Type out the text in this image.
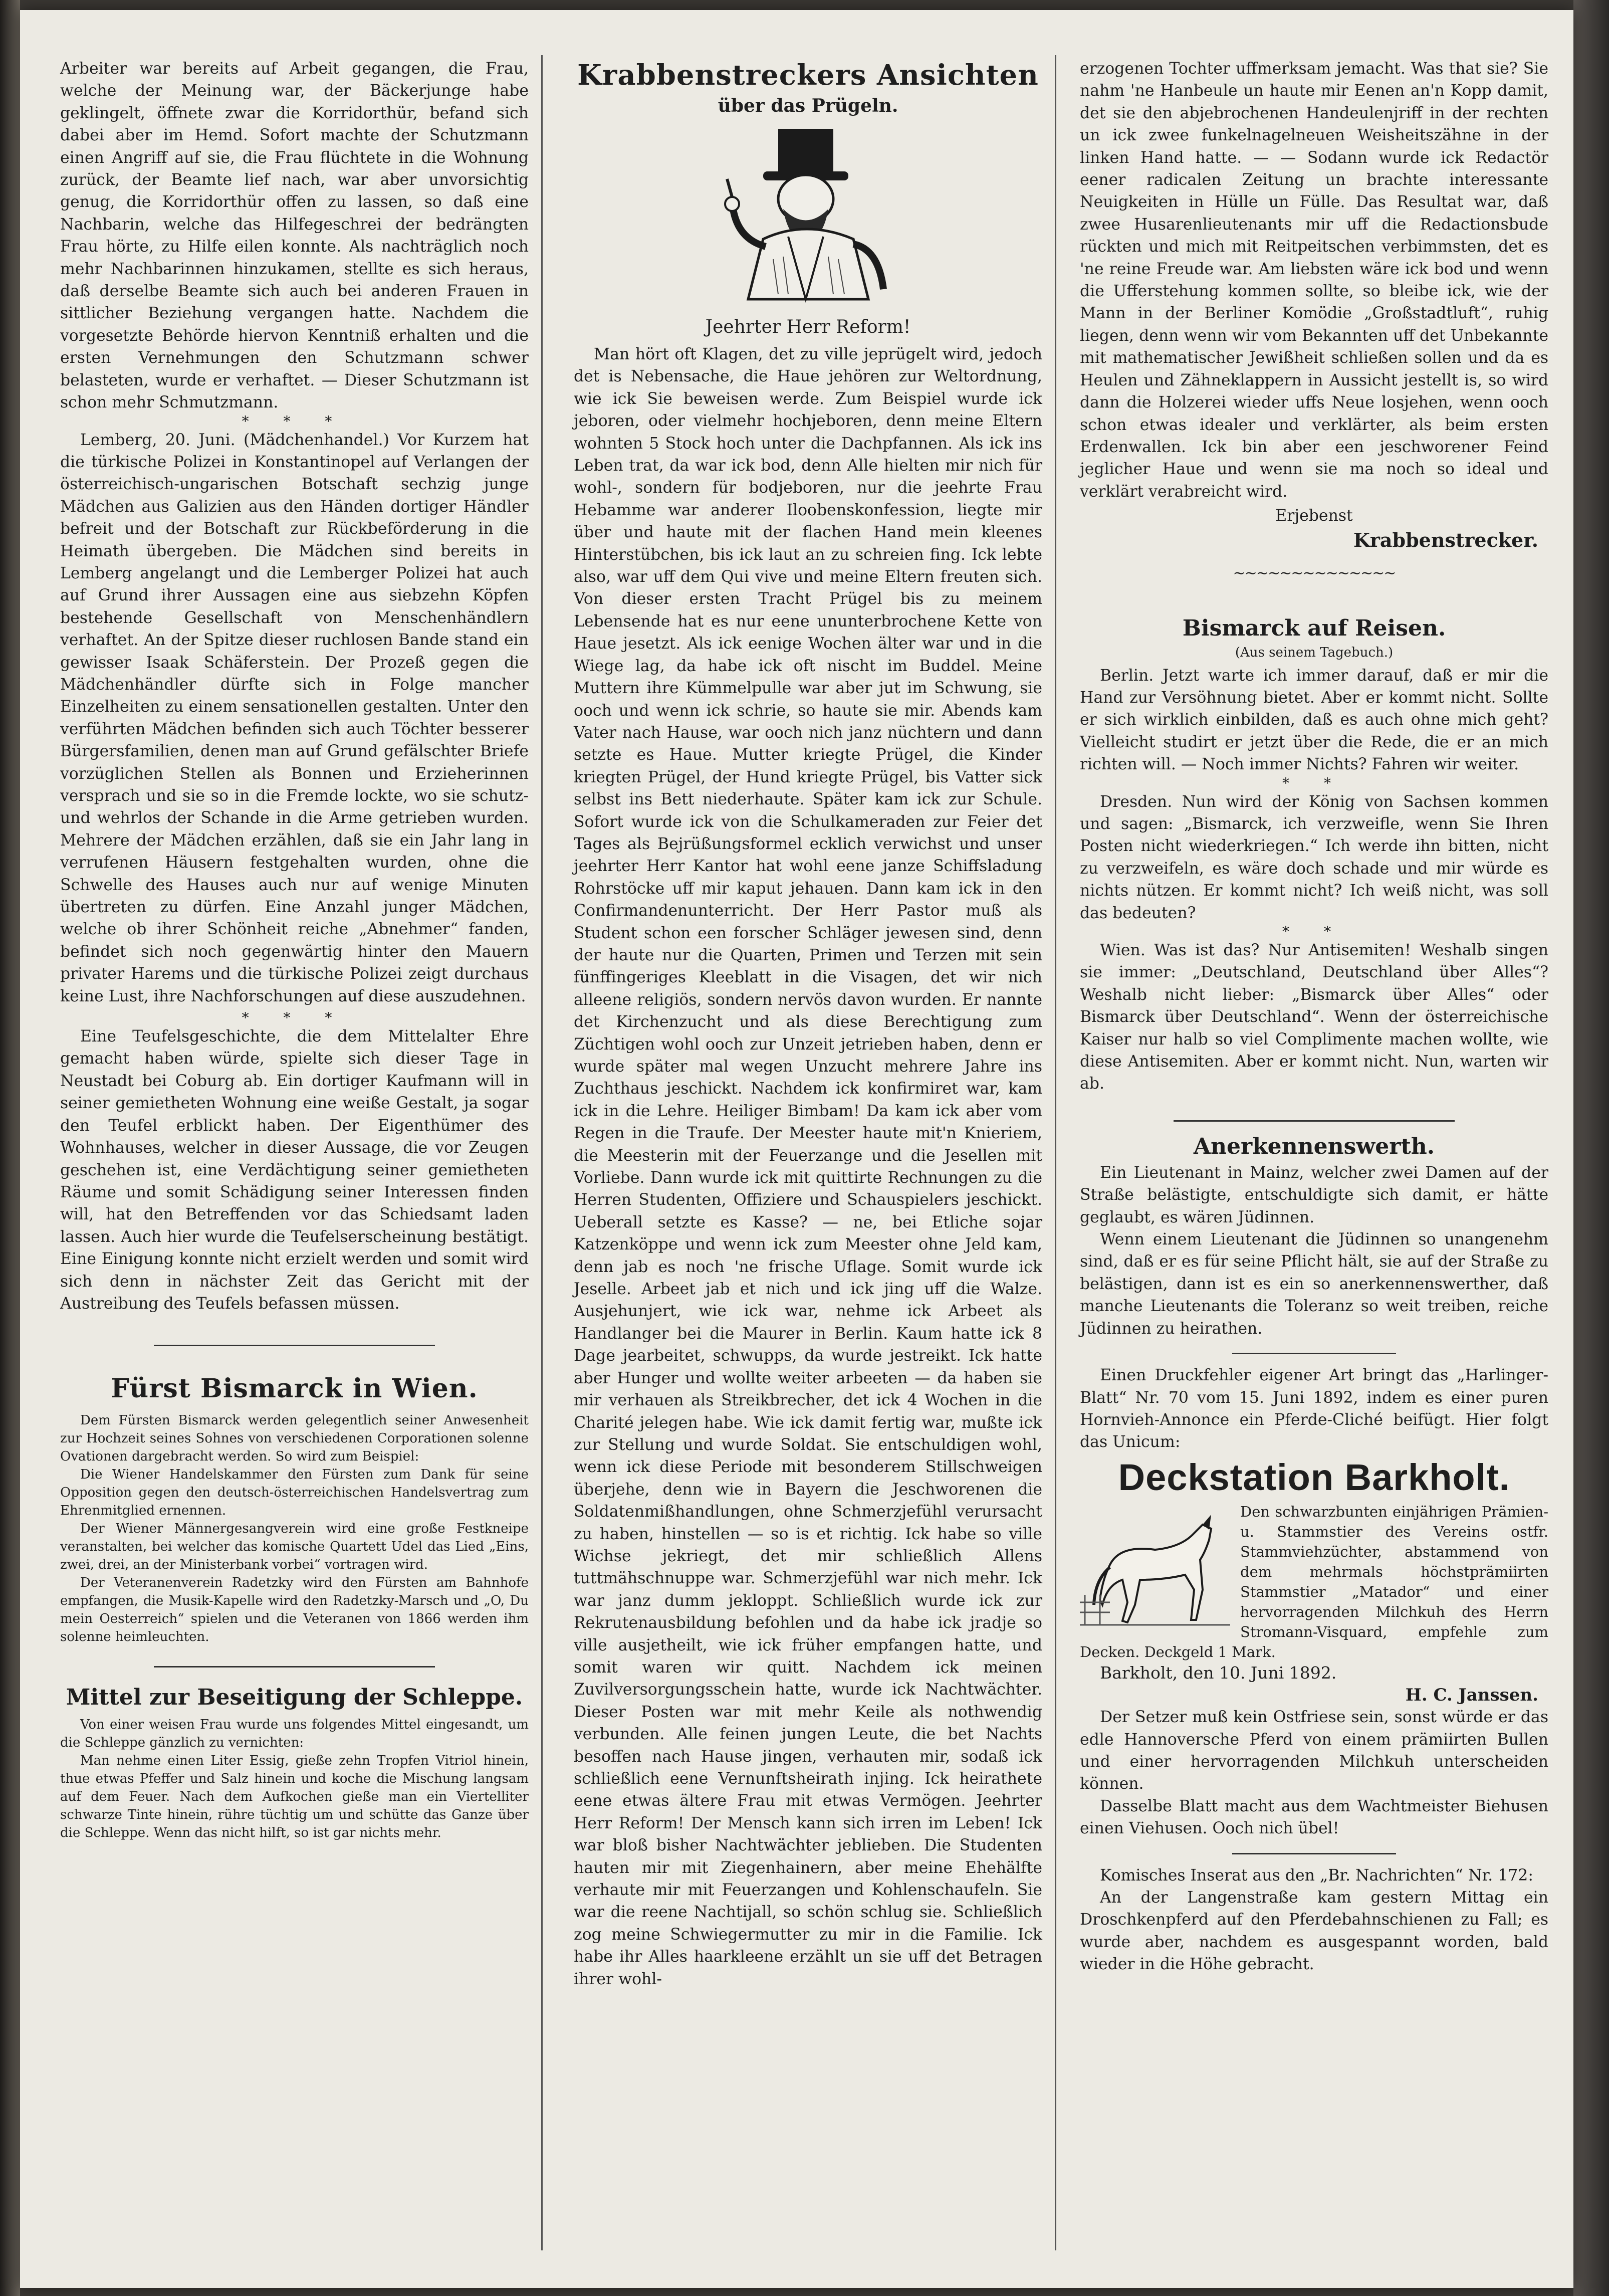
Arbeiter war bereits auf Arbeit gegangen, die Frau, welche der Meinung war, der Bäckerjunge habe geklingelt, öffnete zwar die Korridorthür, befand sich dabei aber im Hemd. Sofort machte der Schutzmann einen Angriff auf sie, die Frau flüchtete in die Wohnung zurück, der Beamte lief nach, war aber unvorsichtig genug, die Korridorthür offen zu lassen, so daß eine Nachbarin, welche das Hilfegeschrei der bedrängten Frau hörte, zu Hilfe eilen konnte. Als nachträglich noch mehr Nachbarinnen hinzukamen, stellte es sich heraus, daß derselbe Beamte sich auch bei anderen Frauen in sittlicher Beziehung vergangen hatte. Nachdem die vorgesetzte Behörde hiervon Kenntniß erhalten und die ersten Vernehmungen den Schutzmann schwer belasteten, wurde er verhaftet. — Dieser Schutzmann ist schon mehr Schmutzmann.

* * *

Lemberg, 20. Juni. (Mädchenhandel.) Vor Kurzem hat die türkische Polizei in Konstantinopel auf Verlangen der österreichisch-ungarischen Botschaft sechzig junge Mädchen aus Galizien aus den Händen dortiger Händler befreit und der Botschaft zur Rückbeförderung in die Heimath übergeben. Die Mädchen sind bereits in Lemberg angelangt und die Lemberger Polizei hat auch auf Grund ihrer Aussagen eine aus siebzehn Köpfen bestehende Gesellschaft von Menschenhändlern verhaftet. An der Spitze dieser ruchlosen Bande stand ein gewisser Isaak Schäferstein. Der Prozeß gegen die Mädchenhändler dürfte sich in Folge mancher Einzelheiten zu einem sensationellen gestalten. Unter den verführten Mädchen befinden sich auch Töchter besserer Bürgersfamilien, denen man auf Grund gefälschter Briefe vorzüglichen Stellen als Bonnen und Erzieherinnen versprach und sie so in die Fremde lockte, wo sie schutz- und wehrlos der Schande in die Arme getrieben wurden. Mehrere der Mädchen erzählen, daß sie ein Jahr lang in verrufenen Häusern festgehalten wurden, ohne die Schwelle des Hauses auch nur auf wenige Minuten übertreten zu dürfen. Eine Anzahl junger Mädchen, welche ob ihrer Schönheit reiche „Abnehmer“ fanden, befindet sich noch gegenwärtig hinter den Mauern privater Harems und die türkische Polizei zeigt durchaus keine Lust, ihre Nachforschungen auf diese auszudehnen.

* * *

Eine Teufelsgeschichte, die dem Mittelalter Ehre gemacht haben würde, spielte sich dieser Tage in Neustadt bei Coburg ab. Ein dortiger Kaufmann will in seiner gemietheten Wohnung eine weiße Gestalt, ja sogar den Teufel erblickt haben. Der Eigenthümer des Wohnhauses, welcher in dieser Aussage, die vor Zeugen geschehen ist, eine Verdächtigung seiner gemietheten Räume und somit Schädigung seiner Interessen finden will, hat den Betreffenden vor das Schiedsamt laden lassen. Auch hier wurde die Teufelserscheinung bestätigt. Eine Einigung konnte nicht erzielt werden und somit wird sich denn in nächster Zeit das Gericht mit der Austreibung des Teufels befassen müssen.

Fürst Bismarck in Wien.

Dem Fürsten Bismarck werden gelegentlich seiner Anwesenheit zur Hochzeit seines Sohnes von verschiedenen Corporationen solenne Ovationen dargebracht werden. So wird zum Beispiel:

Die Wiener Handelskammer den Fürsten zum Dank für seine Opposition gegen den deutsch-österreichischen Handelsvertrag zum Ehrenmitglied ernennen.

Der Wiener Männergesangverein wird eine große Festkneipe veranstalten, bei welcher das komische Quartett Udel das Lied „Eins, zwei, drei, an der Ministerbank vorbei“ vortragen wird.

Der Veteranenverein Radetzky wird den Fürsten am Bahnhofe empfangen, die Musik-Kapelle wird den Radetzky-Marsch und „O, Du mein Oesterreich“ spielen und die Veteranen von 1866 werden ihm solenne heimleuchten.

Mittel zur Beseitigung der Schleppe.

Von einer weisen Frau wurde uns folgendes Mittel eingesandt, um die Schleppe gänzlich zu vernichten:

Man nehme einen Liter Essig, gieße zehn Tropfen Vitriol hinein, thue etwas Pfeffer und Salz hinein und koche die Mischung langsam auf dem Feuer. Nach dem Aufkochen gieße man ein Viertelliter schwarze Tinte hinein, rühre tüchtig um und schütte das Ganze über die Schleppe. Wenn das nicht hilft, so ist gar nichts mehr.

Krabbenstreckers Ansichten

über das Prügeln.

Jeehrter Herr Reform!

Man hört oft Klagen, det zu ville jeprügelt wird, jedoch det is Nebensache, die Haue jehören zur Weltordnung, wie ick Sie beweisen werde. Zum Beispiel wurde ick jeboren, oder vielmehr hochjeboren, denn meine Eltern wohnten 5 Stock hoch unter die Dachpfannen. Als ick ins Leben trat, da war ick bod, denn Alle hielten mir nich für wohl-, sondern für bodjeboren, nur die jeehrte Frau Hebamme war anderer Iloobenskonfession, liegte mir über und haute mit der flachen Hand mein kleenes Hinterstübchen, bis ick laut an zu schreien fing. Ick lebte also, war uff dem Qui vive und meine Eltern freuten sich. Von dieser ersten Tracht Prügel bis zu meinem Lebensende hat es nur eene ununterbrochene Kette von Haue jesetzt. Als ick eenige Wochen älter war und in die Wiege lag, da habe ick oft nischt im Buddel. Meine Muttern ihre Kümmelpulle war aber jut im Schwung, sie ooch und wenn ick schrie, so haute sie mir. Abends kam Vater nach Hause, war ooch nich janz nüchtern und dann setzte es Haue. Mutter kriegte Prügel, die Kinder kriegten Prügel, der Hund kriegte Prügel, bis Vatter sick selbst ins Bett niederhaute. Später kam ick zur Schule. Sofort wurde ick von die Schulkameraden zur Feier det Tages als Bejrüßungsformel ecklich verwichst und unser jeehrter Herr Kantor hat wohl eene janze Schiffsladung Rohrstöcke uff mir kaput jehauen. Dann kam ick in den Confirmandenunterricht. Der Herr Pastor muß als Student schon een forscher Schläger jewesen sind, denn der haute nur die Quarten, Primen und Terzen mit sein fünffingeriges Kleeblatt in die Visagen, det wir nich alleene religiös, sondern nervös davon wurden. Er nannte det Kirchenzucht und als diese Berechtigung zum Züchtigen wohl ooch zur Unzeit jetrieben haben, denn er wurde später mal wegen Unzucht mehrere Jahre ins Zuchthaus jeschickt. Nachdem ick konfirmiret war, kam ick in die Lehre. Heiliger Bimbam! Da kam ick aber vom Regen in die Traufe. Der Meester haute mit'n Knieriem, die Meesterin mit der Feuerzange und die Jesellen mit Vorliebe. Dann wurde ick mit quittirte Rechnungen zu die Herren Studenten, Offiziere und Schauspielers jeschickt. Ueberall setzte es Kasse? — ne, bei Etliche sojar Katzenköppe und wenn ick zum Meester ohne Jeld kam, denn jab es noch 'ne frische Uflage. Somit wurde ick Jeselle. Arbeet jab et nich und ick jing uff die Walze. Ausjehunjert, wie ick war, nehme ick Arbeet als Handlanger bei die Maurer in Berlin. Kaum hatte ick 8 Dage jearbeitet, schwupps, da wurde jestreikt. Ick hatte aber Hunger und wollte weiter arbeeten — da haben sie mir verhauen als Streikbrecher, det ick 4 Wochen in die Charité jelegen habe. Wie ick damit fertig war, mußte ick zur Stellung und wurde Soldat. Sie entschuldigen wohl, wenn ick diese Periode mit besonderem Stillschweigen überjehe, denn wie in Bayern die Jeschworenen die Soldatenmißhandlungen, ohne Schmerzjefühl verursacht zu haben, hinstellen — so is et richtig. Ick habe so ville Wichse jekriegt, det mir schließlich Allens tuttmähschnuppe war. Schmerzjefühl war nich mehr. Ick war janz dumm jekloppt. Schließlich wurde ick zur Rekrutenausbildung befohlen und da habe ick jradje so ville ausjetheilt, wie ick früher empfangen hatte, und somit waren wir quitt. Nachdem ick meinen Zuvilversorgungsschein hatte, wurde ick Nachtwächter. Dieser Posten war mit mehr Keile als nothwendig verbunden. Alle feinen jungen Leute, die bet Nachts besoffen nach Hause jingen, verhauten mir, sodaß ick schließlich eene Vernunftsheirath injing. Ick heirathete eene etwas ältere Frau mit etwas Vermögen. Jeehrter Herr Reform! Der Mensch kann sich irren im Leben! Ick war bloß bisher Nachtwächter jeblieben. Die Studenten hauten mir mit Ziegenhainern, aber meine Ehehälfte verhaute mir mit Feuerzangen und Kohlenschaufeln. Sie war die reene Nachtijall, so schön schlug sie. Schließlich zog meine Schwiegermutter zu mir in die Familie. Ick habe ihr Alles haarkleene erzählt un sie uff det Betragen ihrer wohl-

erzogenen Tochter uffmerksam jemacht. Was that sie? Sie nahm 'ne Hanbeule un haute mir Eenen an'n Kopp damit, det sie den abjebrochenen Handeulenjriff in der rechten un ick zwee funkelnagelneuen Weisheitszähne in der linken Hand hatte. — — Sodann wurde ick Redactör eener radicalen Zeitung un brachte interessante Neuigkeiten in Hülle un Fülle. Das Resultat war, daß zwee Husarenlieutenants mir uff die Redactionsbude rückten und mich mit Reitpeitschen verbimmsten, det es 'ne reine Freude war. Am liebsten wäre ick bod und wenn die Ufferstehung kommen sollte, so bleibe ick, wie der Mann in der Berliner Komödie „Großstadtluft“, ruhig liegen, denn wenn wir vom Bekannten uff det Unbekannte mit mathematischer Jewißheit schließen sollen und da es Heulen und Zähneklappern in Aussicht jestellt is, so wird dann die Holzerei wieder uffs Neue losjehen, wenn ooch schon etwas idealer und verklärter, als beim ersten Erdenwallen. Ick bin aber een jeschworener Feind jeglicher Haue und wenn sie ma noch so ideal und verklärt verabreicht wird.

Erjebenst

Krabbenstrecker.

~~~~~~~~~~~~~~

Bismarck auf Reisen.

(Aus seinem Tagebuch.)

Berlin. Jetzt warte ich immer darauf, daß er mir die Hand zur Versöhnung bietet. Aber er kommt nicht. Sollte er sich wirklich einbilden, daß es auch ohne mich geht? Vielleicht studirt er jetzt über die Rede, die er an mich richten will. — Noch immer Nichts? Fahren wir weiter.

* *

Dresden. Nun wird der König von Sachsen kommen und sagen: „Bismarck, ich verzweifle, wenn Sie Ihren Posten nicht wiederkriegen.“ Ich werde ihn bitten, nicht zu verzweifeln, es wäre doch schade und mir würde es nichts nützen. Er kommt nicht? Ich weiß nicht, was soll das bedeuten?

* *

Wien. Was ist das? Nur Antisemiten! Weshalb singen sie immer: „Deutschland, Deutschland über Alles“? Weshalb nicht lieber: „Bismarck über Alles“ oder Bismarck über Deutschland“. Wenn der österreichische Kaiser nur halb so viel Complimente machen wollte, wie diese Antisemiten. Aber er kommt nicht. Nun, warten wir ab.

Anerkennenswerth.

Ein Lieutenant in Mainz, welcher zwei Damen auf der Straße belästigte, entschuldigte sich damit, er hätte geglaubt, es wären Jüdinnen.

Wenn einem Lieutenant die Jüdinnen so unangenehm sind, daß er es für seine Pflicht hält, sie auf der Straße zu belästigen, dann ist es ein so anerkennenswerther, daß manche Lieutenants die Toleranz so weit treiben, reiche Jüdinnen zu heirathen.

Einen Druckfehler eigener Art bringt das „Harlinger-Blatt“ Nr. 70 vom 15. Juni 1892, indem es einer puren Hornvieh-Annonce ein Pferde-Cliché beifügt. Hier folgt das Unicum:

Deckstation Barkholt.

Den schwarzbunten einjährigen Prämien- u. Stammstier des Vereins ostfr. Stammviehzüchter, abstammend von dem mehrmals höchstprämiirten Stammstier „Matador“ und einer hervorragenden Milchkuh des Herrn Stromann-Visquard, empfehle zum Decken. Deckgeld 1 Mark.

Barkholt, den 10. Juni 1892.

H. C. Janssen.

Der Setzer muß kein Ostfriese sein, sonst würde er das edle Hannoversche Pferd von einem prämiirten Bullen und einer hervorragenden Milchkuh unterscheiden können.

Dasselbe Blatt macht aus dem Wachtmeister Biehusen einen Viehusen. Ooch nich übel!

Komisches Inserat aus den „Br. Nachrichten“ Nr. 172:

An der Langenstraße kam gestern Mittag ein Droschkenpferd auf den Pferdebahnschienen zu Fall; es wurde aber, nachdem es ausgespannt worden, bald wieder in die Höhe gebracht.
